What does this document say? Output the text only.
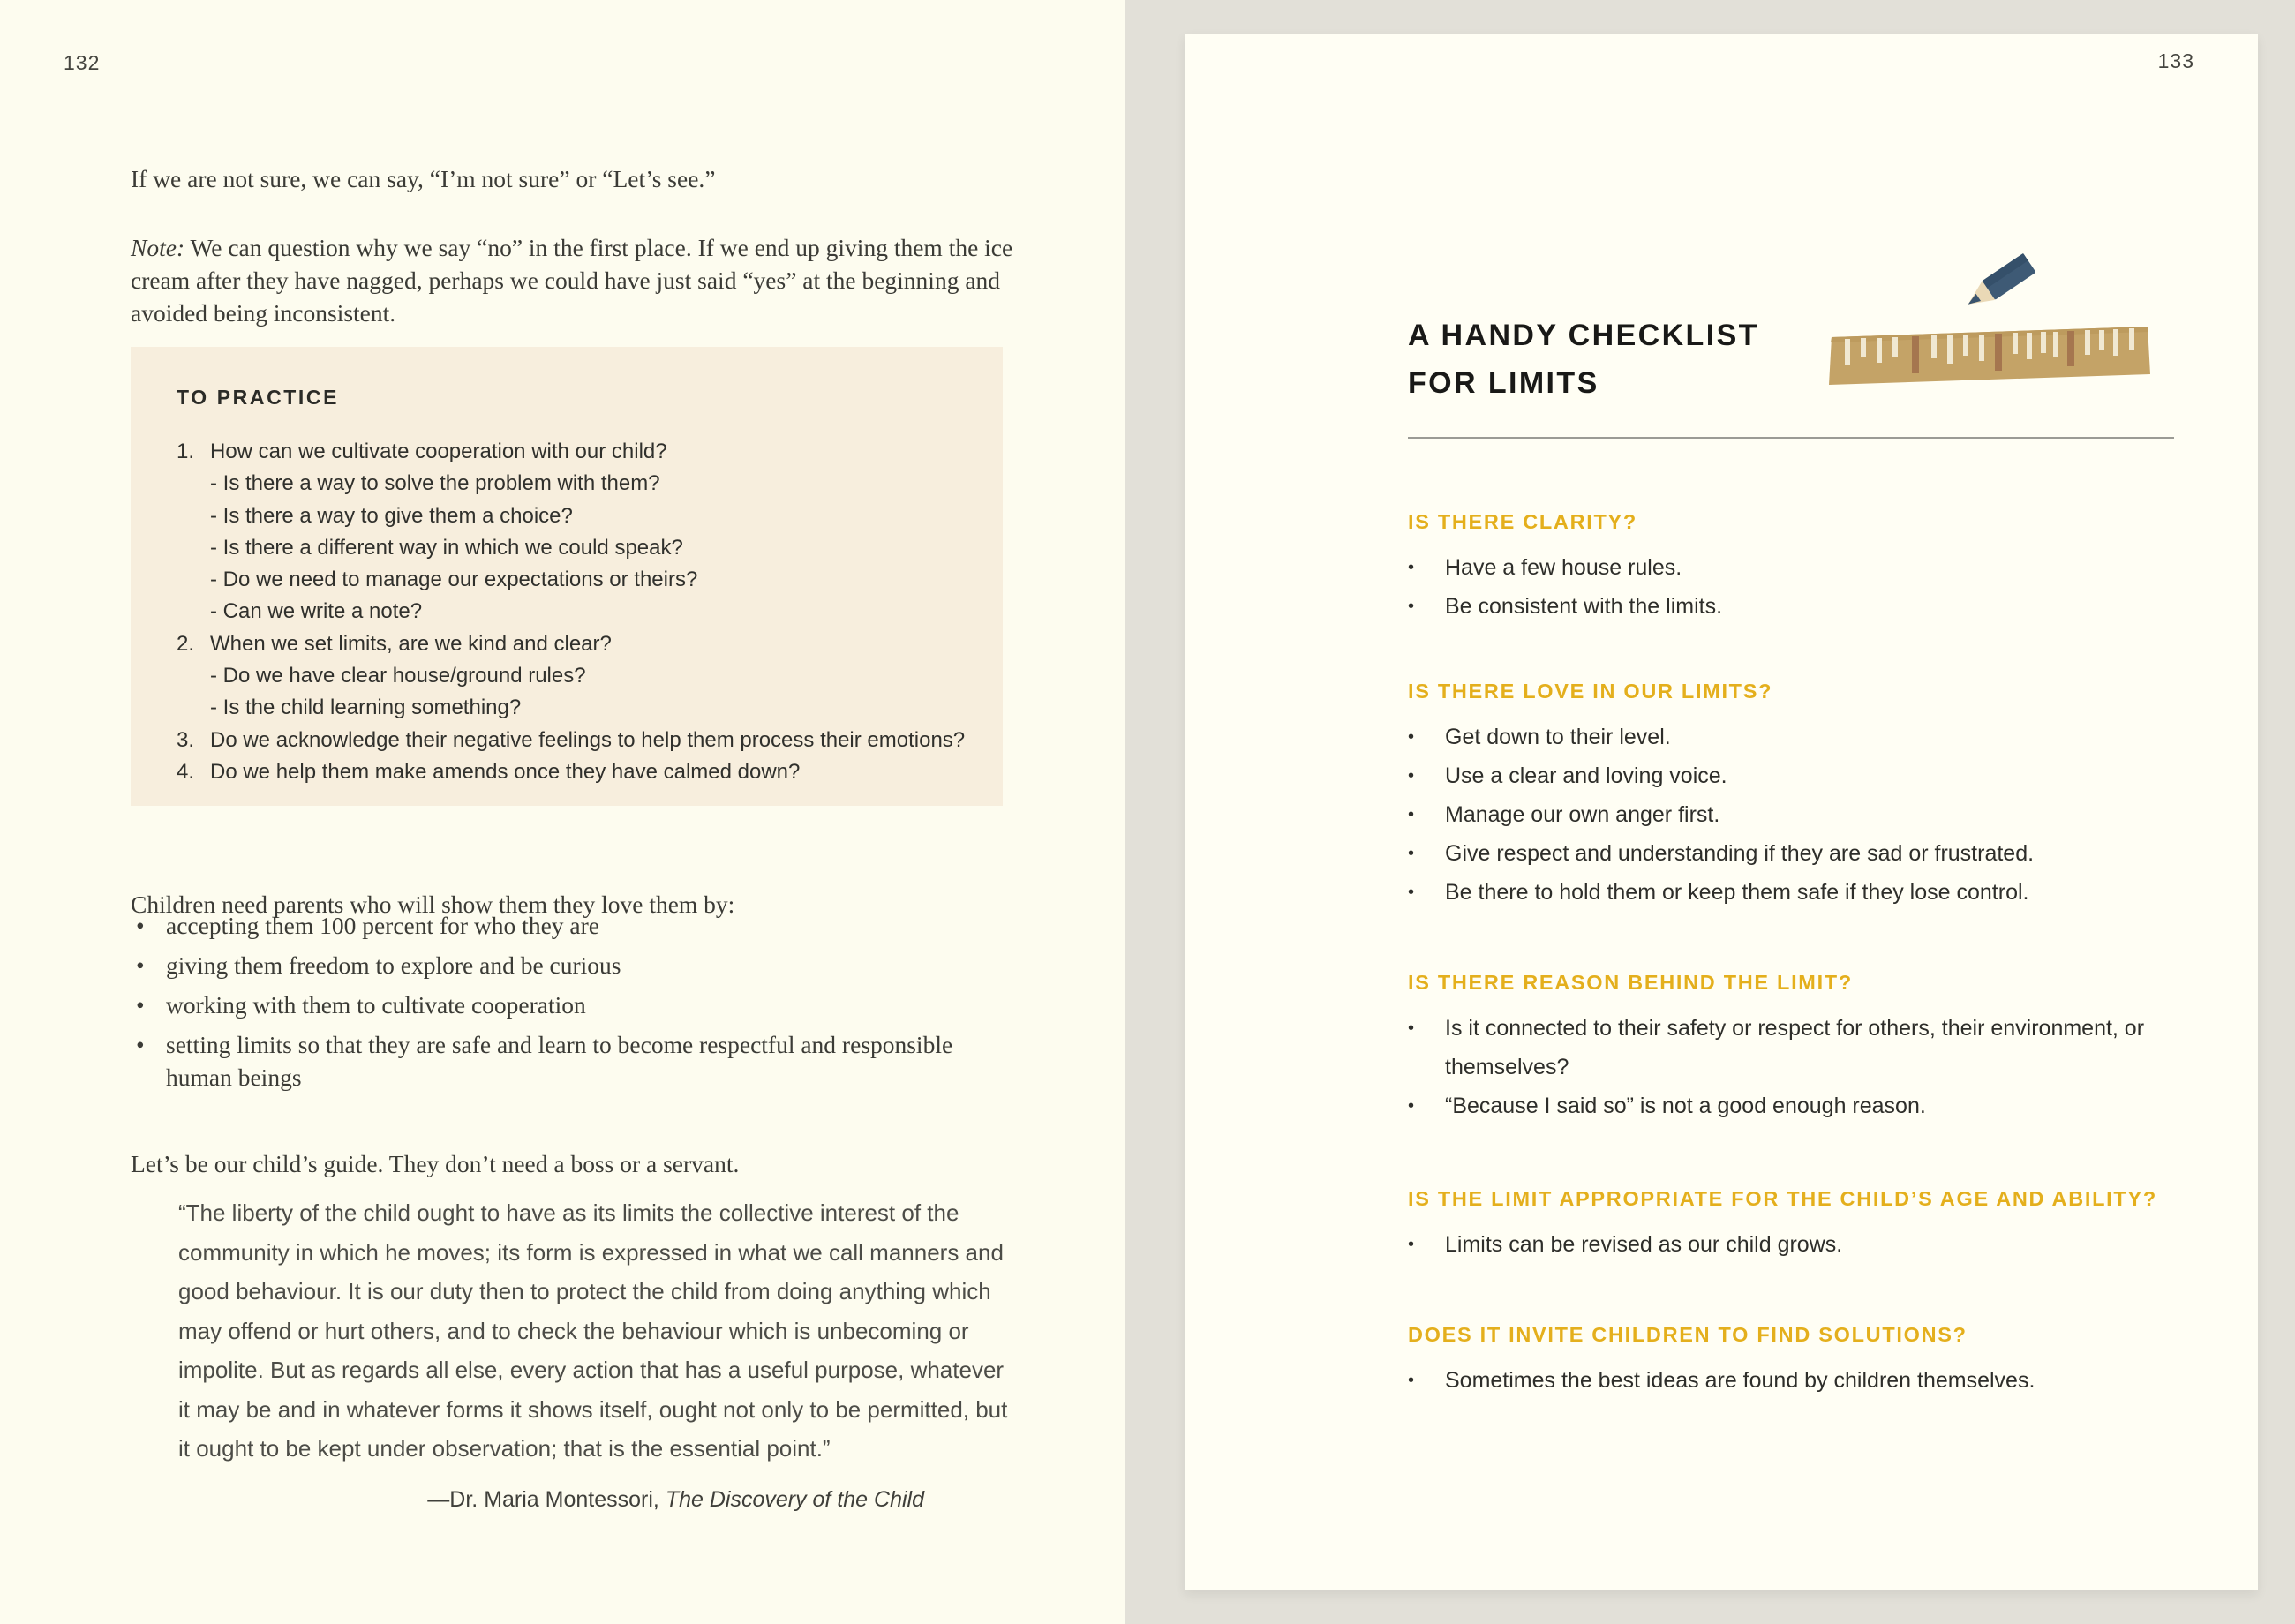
132

If we are not sure, we can say, “I’m not sure” or “Let’s see.”

Note: We can question why we say “no” in the first place. If we end up giving them the ice cream after they have nagged, perhaps we could have just said “yes” at the beginning and avoided being inconsistent.

TO PRACTICE
1. How can we cultivate cooperation with our child?
- Is there a way to solve the problem with them?
- Is there a way to give them a choice?
- Is there a different way in which we could speak?
- Do we need to manage our expectations or theirs?
- Can we write a note?
2. When we set limits, are we kind and clear?
- Do we have clear house/ground rules?
- Is the child learning something?
3. Do we acknowledge their negative feelings to help them process their emotions?
4. Do we help them make amends once they have calmed down?

Children need parents who will show them they love them by:

• accepting them 100 percent for who they are
• giving them freedom to explore and be curious
• working with them to cultivate cooperation
• setting limits so that they are safe and learn to become respectful and responsible human beings

Let’s be our child’s guide. They don’t need a boss or a servant.

“The liberty of the child ought to have as its limits the collective interest of the community in which he moves; its form is expressed in what we call manners and good behaviour. It is our duty then to protect the child from doing anything which may offend or hurt others, and to check the behaviour which is unbecoming or impolite. But as regards all else, every action that has a useful purpose, whatever it may be and in whatever forms it shows itself, ought not only to be permitted, but it ought to be kept under observation; that is the essential point.”
—Dr. Maria Montessori, The Discovery of the Child
133
A HANDY CHECKLIST
FOR LIMITS
IS THERE CLARITY?
•	Have a few house rules.
•	Be consistent with the limits.
IS THERE LOVE IN OUR LIMITS?
•	Get down to their level.
•	Use a clear and loving voice.
•	Manage our own anger first.
•	Give respect and understanding if they are sad or frustrated.
•	Be there to hold them or keep them safe if they lose control.
IS THERE REASON BEHIND THE LIMIT?
•	Is it connected to their safety or respect for others, their environment, or themselves?
•	“Because I said so” is not a good enough reason.
IS THE LIMIT APPROPRIATE FOR THE CHILD’S AGE AND ABILITY?
•	Limits can be revised as our child grows.
DOES IT INVITE CHILDREN TO FIND SOLUTIONS?
•	Sometimes the best ideas are found by children themselves.
